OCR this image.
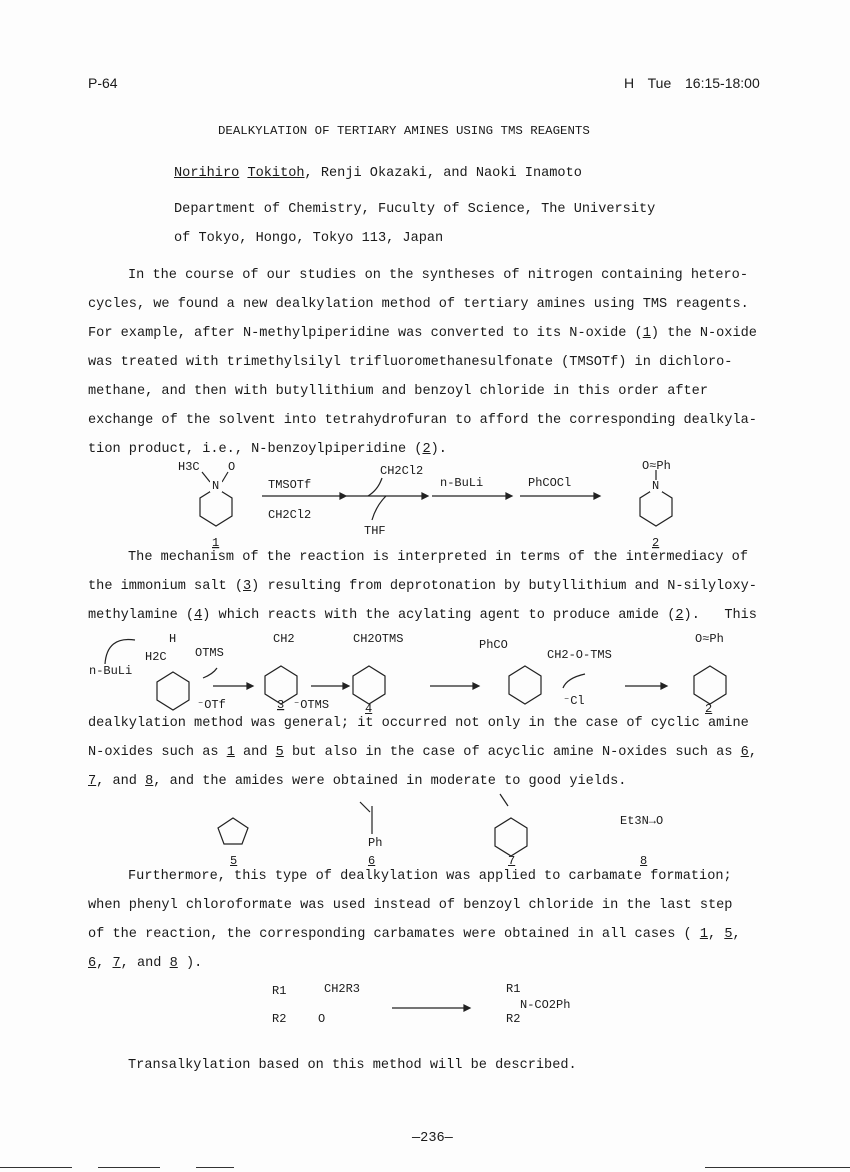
P-64	H  Tue  16:15-18:00
DEALKYLATION OF TERTIARY AMINES USING TMS REAGENTS
Norihiro Tokitoh, Renji Okazaki, and Naoki Inamoto
Department of Chemistry, Fuculty of Science, The University
of Tokyo, Hongo, Tokyo 113, Japan
In the course of our studies on the syntheses of nitrogen containing hetero-
cycles, we found a new dealkylation method of tertiary amines using TMS reagents.
For example, after N-methylpiperidine was converted to its N-oxide (1) the N-oxide
was treated with trimethylsilyl trifluoromethanesulfonate (TMSOTf) in dichloro-
methane, and then with butyllithium and benzoyl chloride in this order after
exchange of the solvent into tetrahydrofuran to afford the corresponding dealkyla-
tion product, i.e., N-benzoylpiperidine (2).
The mechanism of the reaction is interpreted in terms of the intermediacy of
the immonium salt (3) resulting from deprotonation by butyllithium and N-silyloxy-
methylamine (4) which reacts with the acylating agent to produce amide (2).   This
dealkylation method was general; it occurred not only in the case of cyclic amine
N-oxides such as 1 and 5 but also in the case of acyclic amine N-oxides such as 6,
7, and 8, and the amides were obtained in moderate to good yields.
Furthermore, this type of dealkylation was applied to carbamate formation;
when phenyl chloroformate was used instead of benzoyl chloride in the last step
of the reaction, the corresponding carbamates were obtained in all cases ( 1, 5,
6, 7, and 8 ).
Transalkylation based on this method will be described.
N
H3C O
1
TMSOTf
CH2Cl2
CH2Cl2
THF
n-BuLi	PhCOCl	N
O≈Ph
2
n-BuLi
H
H2C OTMS
⁻OTf
CH2
3 ⁻OTMS
CH2OTMS
4
PhCO
CH2-O-TMS
⁻Cl
O≈Ph
2
5
Ph
6	7
Et3N→O
8
R1	CH2R3
R2	O
R1
N-CO2Ph
R2
—236—
